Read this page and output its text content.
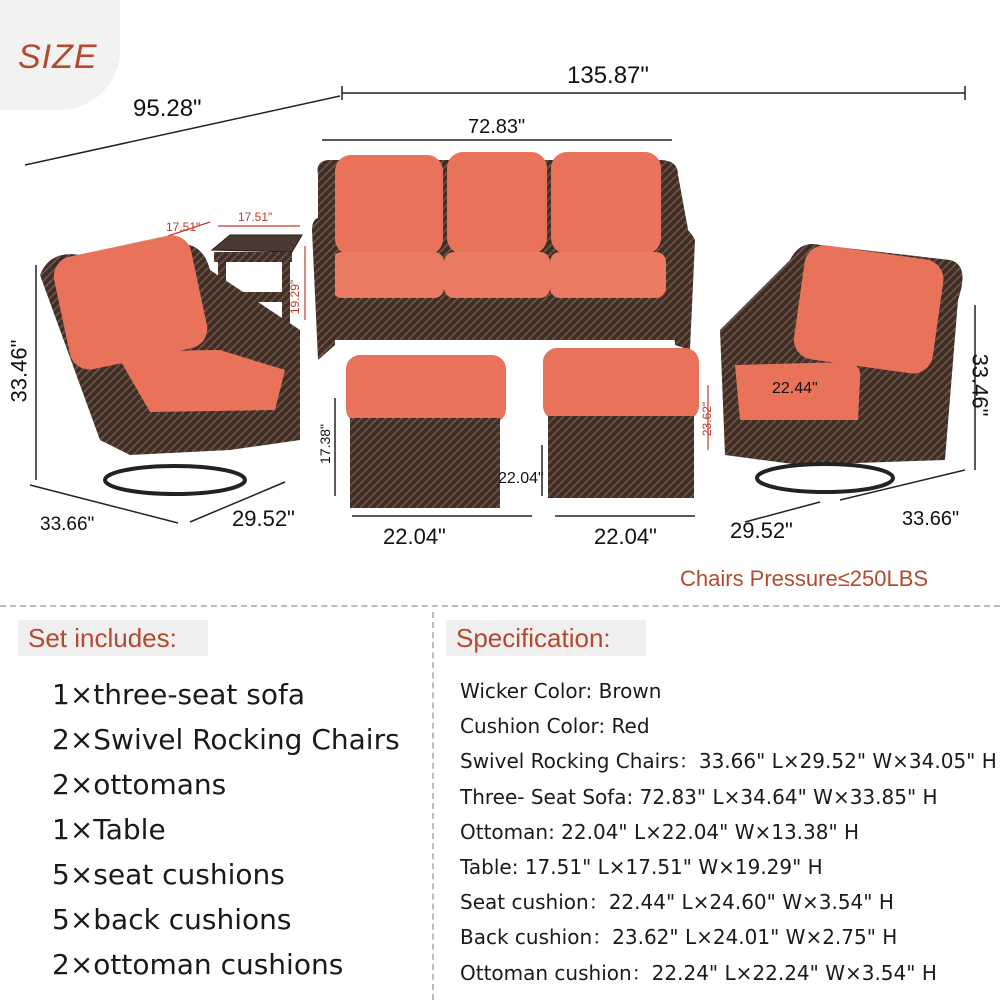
SIZE	135.87"
95.28"
72.83"
17.51"
17.51"
19.29"
33.46"
33.66"	29.52"
17.38"
22.04"
22.04"
22.04"
22.44"
23.62"
33.46"
29.52"	33.66"
Chairs Pressure≤250LBS
Set includes:
1×three-seat sofa
2×Swivel Rocking Chairs
2×ottomans
1×Table
5×seat cushions
5×back cushions
2×ottoman cushions
Specification:
Wicker Color: Brown
Cushion Color: Red
Swivel Rocking Chairs：33.66" L×29.52" W×34.05" H
Three- Seat Sofa: 72.83" L×34.64" W×33.85" H
Ottoman: 22.04" L×22.04" W×13.38" H
Table: 17.51" L×17.51" W×19.29" H
Seat cushion：22.44" L×24.60" W×3.54" H
Back cushion：23.62" L×24.01" W×2.75" H
Ottoman cushion：22.24" L×22.24" W×3.54" H
